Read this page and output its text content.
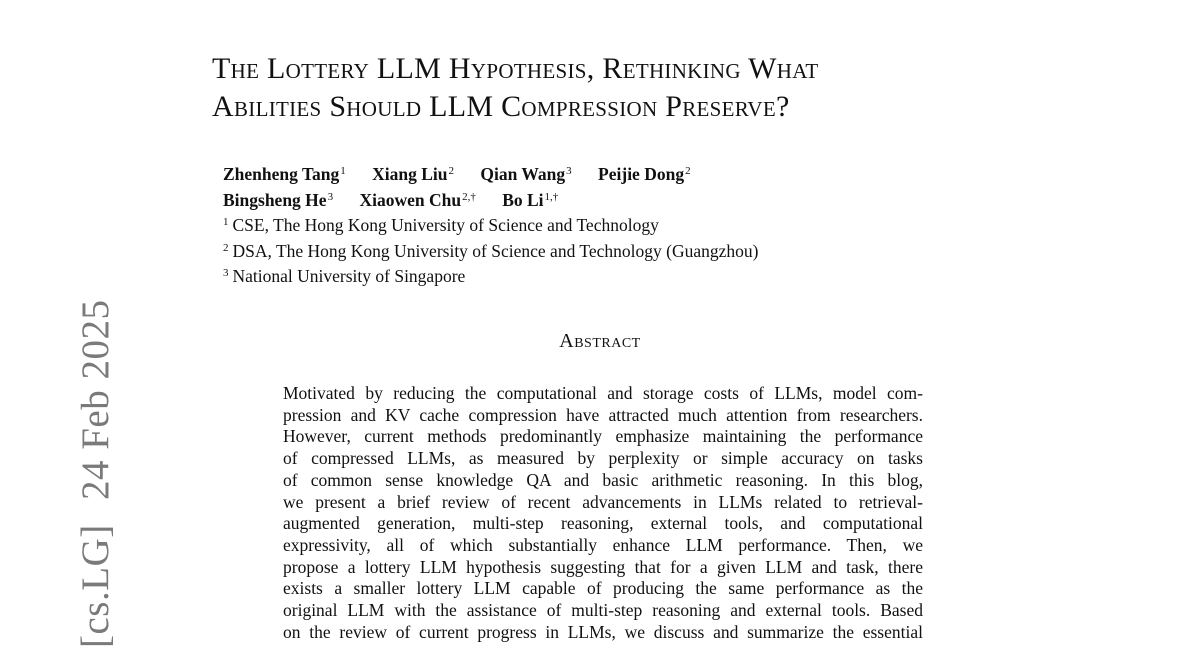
The Lottery LLM Hypothesis, Rethinking What
Abilities Should LLM Compression Preserve?
Zhenheng Tang$^1$ Xiang Liu$^2$ Qian Wang$^3$ Peijie Dong$^2$
Bingsheng He$^3$ Xiaowen Chu$^{2,\dagger}$ Bo $Li^{1,\dagger}$
$^1$ CSE, The Hong Kong University of Science and Technology
$^2$ DSA, The Hong Kong University of Science and Technology (Guangzhou)
$^3$ National University of Singapore
Abstract
Motivated by reducing the computational and storage costs of LLMs, model com-
pression and KV cache compression have attracted much attention from researchers.
However, current methods predominantly emphasize maintaining the performance
of compressed LLMs, as measured by perplexity or simple accuracy on tasks
of common sense knowledge QA and basic arithmetic reasoning. In this blog,
we present a brief review of recent advancements in LLMs related to retrieval-
augmented generation, multi-step reasoning, external tools, and computational
expressivity, all of which substantially enhance LLM performance. Then, we
propose a lottery LLM hypothesis suggesting that for a given LLM and task, there
exists a smaller lottery LLM capable of producing the same performance as the
original LLM with the assistance of multi-step reasoning and external tools. Based
on the review of current progress in LLMs, we discuss and summarize the essential
[cs.LG] 24 Feb 2025
